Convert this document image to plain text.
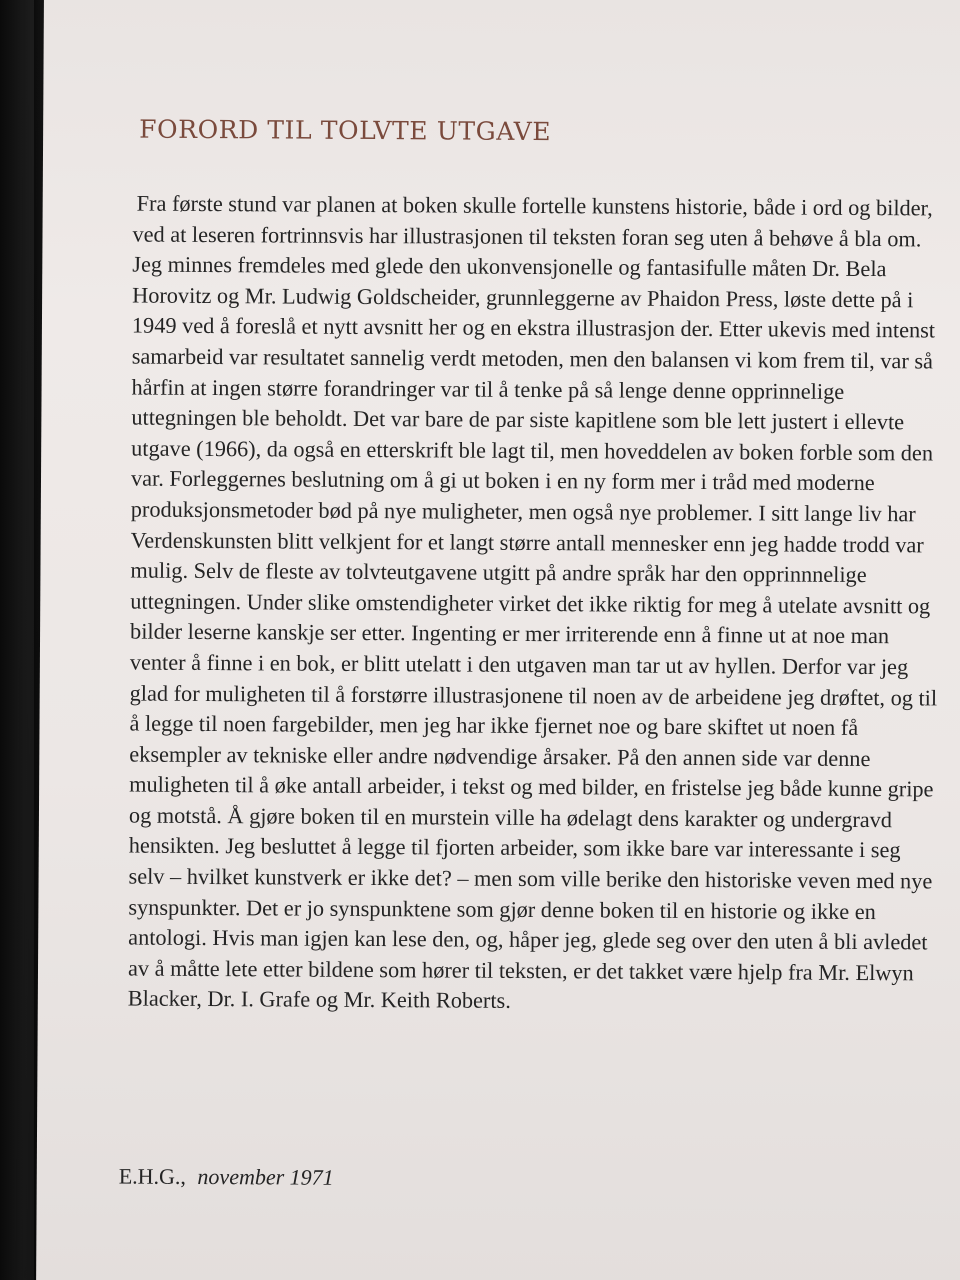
FORORD TIL TOLVTE UTGAVE

Fra første stund var planen at boken skulle fortelle kunstens historie, både i ord og bilder, ved at leseren fortrinnsvis har illustrasjonen til teksten foran seg uten å behøve å bla om. Jeg minnes fremdeles med glede den ukonvensjonelle og fantasifulle måten Dr. Bela Horovitz og Mr. Ludwig Goldscheider, grunnleggerne av Phaidon Press, løste dette på i 1949 ved å foreslå et nytt avsnitt her og en ekstra illustrasjon der. Etter ukevis med intenst samarbeid var resultatet sannelig verdt metoden, men den balansen vi kom frem til, var så hårfin at ingen større forandringer var til å tenke på så lenge denne opprinnelige uttegningen ble beholdt. Det var bare de par siste kapitlene som ble lett justert i ellevte utgave (1966), da også en etterskrift ble lagt til, men hoveddelen av boken forble som den var. Forleggernes beslutning om å gi ut boken i en ny form mer i tråd med moderne produksjonsmetoder bød på nye muligheter, men også nye problemer. I sitt lange liv har Verdenskunsten blitt velkjent for et langt større antall mennesker enn jeg hadde trodd var mulig. Selv de fleste av tolvteutgavene utgitt på andre språk har den opprinnnelige uttegningen. Under slike omstendigheter virket det ikke riktig for meg å utelate avsnitt og bilder leserne kanskje ser etter. Ingenting er mer irriterende enn å finne ut at noe man venter å finne i en bok, er blitt utelatt i den utgaven man tar ut av hyllen. Derfor var jeg glad for muligheten til å forstørre illustrasjonene til noen av de arbeidene jeg drøftet, og til å legge til noen fargebilder, men jeg har ikke fjernet noe og bare skiftet ut noen få eksempler av tekniske eller andre nødvendige årsaker. På den annen side var denne muligheten til å øke antall arbeider, i tekst og med bilder, en fristelse jeg både kunne gripe og motstå. Å gjøre boken til en murstein ville ha ødelagt dens karakter og undergravd hensikten. Jeg besluttet å legge til fjorten arbeider, som ikke bare var interessante i seg selv – hvilket kunstverk er ikke det? – men som ville berike den historiske veven med nye synspunkter. Det er jo synspunktene som gjør denne boken til en historie og ikke en antologi. Hvis man igjen kan lese den, og, håper jeg, glede seg over den uten å bli avledet av å måtte lete etter bildene som hører til teksten, er det takket være hjelp fra Mr. Elwyn Blacker, Dr. I. Grafe og Mr. Keith Roberts.

E.H.G., november 1971
